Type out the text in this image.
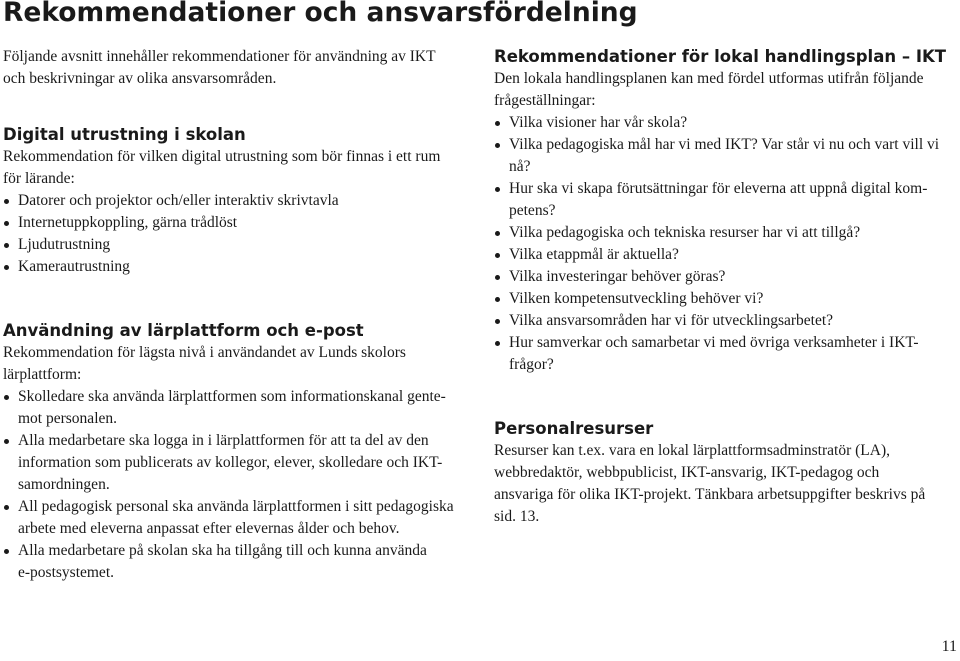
Rekommendationer och ansvarsfördelning

Följande avsnitt innehåller rekommendationer för användning av IKT

och beskrivningar av olika ansvarsområden.

Digital utrustning i skolan

Rekommendation för vilken digital utrustning som bör finnas i ett rum

för lärande:

Datorer och projektor och/eller interaktiv skrivtavla
Internetuppkoppling, gärna trådlöst
Ljudutrustning
Kamerautrustning
Användning av lärplattform och e-post

Rekommendation för lägsta nivå i användandet av Lunds skolors

lärplattform:

Skolledare ska använda lärplattformen som informationskanal gente-
mot personalen.
Alla medarbetare ska logga in i lärplattformen för att ta del av den
information som publicerats av kollegor, elever, skolledare och IKT-
samordningen.
All pedagogisk personal ska använda lärplattformen i sitt pedagogiska
arbete med eleverna anpassat efter elevernas ålder och behov.
Alla medarbetare på skolan ska ha tillgång till och kunna använda
e-postsystemet.
Rekommendationer för lokal handlingsplan – IKT

Den lokala handlingsplanen kan med fördel utformas utifrån följande

frågeställningar:

Vilka visioner har vår skola?
Vilka pedagogiska mål har vi med IKT? Var står vi nu och vart vill vi
nå?
Hur ska vi skapa förutsättningar för eleverna att uppnå digital kom-
petens?
Vilka pedagogiska och tekniska resurser har vi att tillgå?
Vilka etappmål är aktuella?
Vilka investeringar behöver göras?
Vilken kompetensutveckling behöver vi?
Vilka ansvarsområden har vi för utvecklingsarbetet?
Hur samverkar och samarbetar vi med övriga verksamheter i IKT-
frågor?
Personalresurser

Resurser kan t.ex. vara en lokal lärplattformsadminstratör (LA),

webbredaktör, webbpublicist, IKT-ansvarig, IKT-pedagog och

ansvariga för olika IKT-projekt. Tänkbara arbetsuppgifter beskrivs på

sid. 13.

11
